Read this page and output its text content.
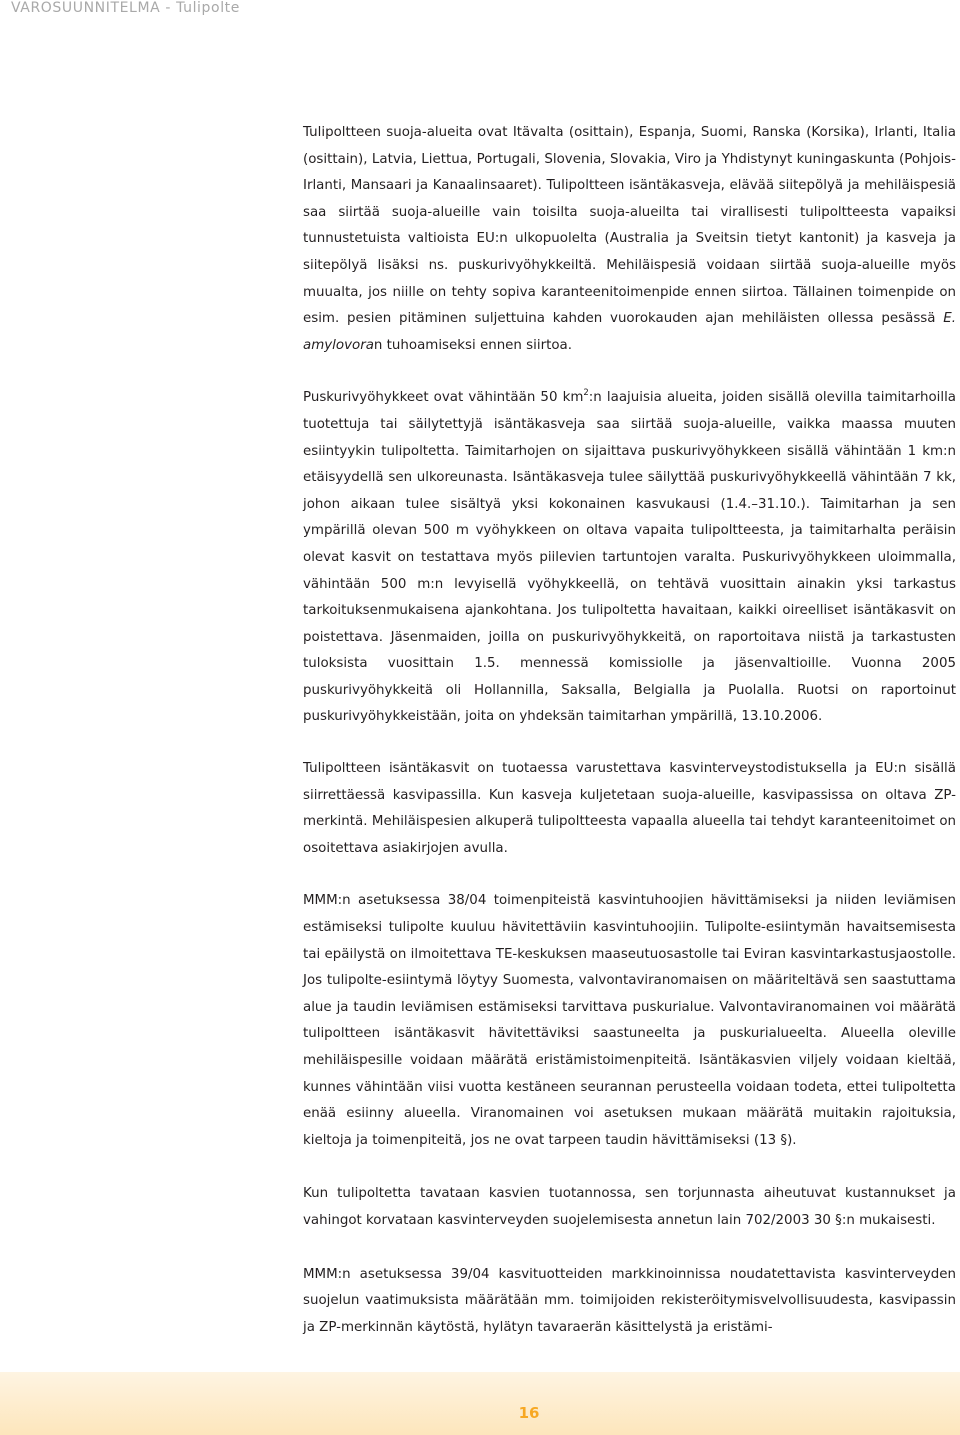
VAROSUUNNITELMA - Tulipolte

Tulipoltteen suoja-alueita ovat Itävalta (osittain), Espanja, Suomi, Ranska (Korsika), Irlanti, Italia (osittain), Latvia, Liettua, Portugali, Slovenia, Slovakia, Viro ja Yhdistynyt kuningaskunta (Pohjois-Irlanti, Mansaari ja Kanaalinsaaret). Tulipoltteen isäntäkasveja, elävää siitepölyä ja mehiläispesiä saa siirtää suoja-alueille vain toisilta suoja-alueilta tai virallisesti tulipoltteesta vapaiksi tunnustetuista valtioista EU:n ulkopuolelta (Australia ja Sveitsin tietyt kantonit) ja kasveja ja siitepölyä lisäksi ns. puskurivyöhykkeiltä. Mehiläispesiä voidaan siirtää suoja-alueille myös muualta, jos niille on tehty sopiva karanteenitoimenpide ennen siirtoa. Tällainen toimenpide on esim. pesien pitäminen suljettuina kahden vuorokauden ajan mehiläisten ollessa pesässä E. amylovoran tuhoamiseksi ennen siirtoa.

Puskurivyöhykkeet ovat vähintään 50 $km^2:n$ laajuisia alueita, joiden sisällä olevilla taimitarhoilla tuotettuja tai säilytettyjä isäntäkasveja saa siirtää suoja-alueille, vaikka maassa muuten esiintyykin tulipoltetta. Taimitarhojen on sijaittava puskurivyöhykkeen sisällä vähintään 1 km:n etäisyydellä sen ulkoreunasta. Isäntäkasveja tulee säilyttää puskurivyöhykkeellä vähintään 7 kk, johon aikaan tulee sisältyä yksi kokonainen kasvukausi (1.4.–31.10.). Taimitarhan ja sen ympärillä olevan 500 m vyöhykkeen on oltava vapaita tulipoltteesta, ja taimitarhalta peräisin olevat kasvit on testattava myös piilevien tartuntojen varalta. Puskurivyöhykkeen uloimmalla, vähintään 500 m:n levyisellä vyöhykkeellä, on tehtävä vuosittain ainakin yksi tarkastus tarkoituksenmukaisena ajankohtana. Jos tulipoltetta havaitaan, kaikki oireelliset isäntäkasvit on poistettava. Jäsenmaiden, joilla on puskurivyöhykkeitä, on raportoitava niistä ja tarkastusten tuloksista vuosittain 1.5. mennessä komissiolle ja jäsenvaltioille. Vuonna 2005 puskurivyöhykkeitä oli Hollannilla, Saksalla, Belgialla ja Puolalla. Ruotsi on raportoinut puskurivyöhykkeistään, joita on yhdeksän taimitarhan ympärillä, 13.10.2006.

Tulipoltteen isäntäkasvit on tuotaessa varustettava kasvinterveystodistuksella ja EU:n sisällä siirrettäessä kasvipassilla. Kun kasveja kuljetetaan suoja-alueille, kasvipassissa on oltava ZP-merkintä. Mehiläispesien alkuperä tulipoltteesta vapaalla alueella tai tehdyt karanteenitoimet on osoitettava asiakirjojen avulla.

MMM:n asetuksessa 38/04 toimenpiteistä kasvintuhoojien hävittämiseksi ja niiden leviämisen estämiseksi tulipolte kuuluu hävitettäviin kasvintuhoojiin. Tulipolte-esiintymän havaitsemisesta tai epäilystä on ilmoitettava TE-keskuksen maaseutuosastolle tai Eviran kasvintarkastusjaostolle. Jos tulipolte-esiintymä löytyy Suomesta, valvontaviranomaisen on määriteltävä sen saastuttama alue ja taudin leviämisen estämiseksi tarvittava puskurialue. Valvontaviranomainen voi määrätä tulipoltteen isäntäkasvit hävitettäviksi saastuneelta ja puskurialueelta. Alueella oleville mehiläispesille voidaan määrätä eristämistoimenpiteitä. Isäntäkasvien viljely voidaan kieltää, kunnes vähintään viisi vuotta kestäneen seurannan perusteella voidaan todeta, ettei tulipoltetta enää esiinny alueella. Viranomainen voi asetuksen mukaan määrätä muitakin rajoituksia, kieltoja ja toimenpiteitä, jos ne ovat tarpeen taudin hävittämiseksi (13 §).

Kun tulipoltetta tavataan kasvien tuotannossa, sen torjunnasta aiheutuvat kustannukset ja vahingot korvataan kasvinterveyden suojelemisesta annetun lain 702/2003 30 §:n mukaisesti.

MMM:n asetuksessa 39/04 kasvituotteiden markkinoinnissa noudatettavista kasvinterveyden suojelun vaatimuksista määrätään mm. toimijoiden rekisteröitymisvelvollisuudesta, kasvipassin ja ZP-merkinnän käytöstä, hylätyn tavaraerän käsittelystä ja eristämi-

16
